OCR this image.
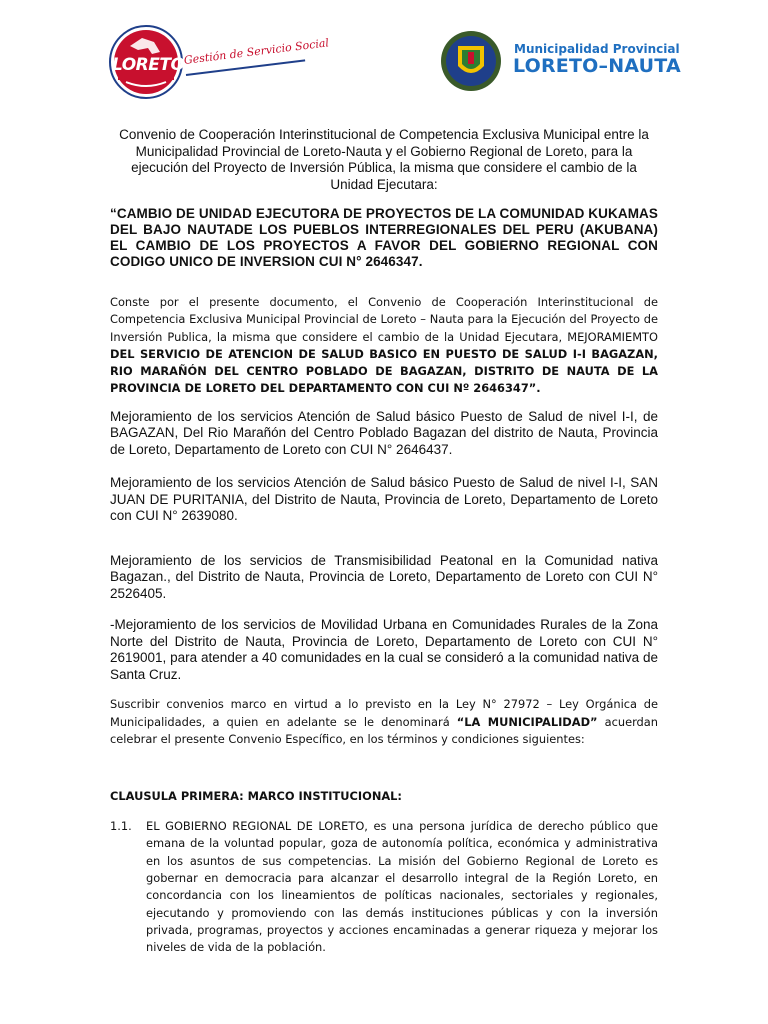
LORETO
Gestión de Servicio Social	Municipalidad Provincial
LORETO–NAUTA

Convenio de Cooperación Interinstitucional de Competencia Exclusiva Municipal entre la Municipalidad Provincial de Loreto-Nauta y el Gobierno Regional de Loreto, para la ejecución del Proyecto de Inversión Pública, la misma que considere el cambio de la Unidad Ejecutara:

“CAMBIO DE UNIDAD EJECUTORA DE PROYECTOS DE LA COMUNIDAD KUKAMAS DEL BAJO NAUTADE LOS PUEBLOS INTERREGIONALES DEL PERU (AKUBANA) EL CAMBIO DE LOS PROYECTOS A FAVOR DEL GOBIERNO REGIONAL CON CODIGO UNICO DE INVERSION CUI N° 2646347.

Conste por el presente documento, el Convenio de Cooperación Interinstitucional de Competencia Exclusiva Municipal Provincial de Loreto – Nauta para la Ejecución del Proyecto de Inversión Publica, la misma que considere el cambio de la Unidad Ejecutara, MEJORAMIEMTO DEL SERVICIO DE ATENCION DE SALUD BASICO EN PUESTO DE SALUD I-I BAGAZAN, RIO MARAÑÓN DEL CENTRO POBLADO DE BAGAZAN, DISTRITO DE NAUTA DE LA PROVINCIA DE LORETO DEL DEPARTAMENTO CON CUI Nº 2646347”.

Mejoramiento de los servicios Atención de Salud básico Puesto de Salud de nivel I-I, de BAGAZAN, Del Rio Marañón del Centro Poblado Bagazan del distrito de Nauta, Provincia de Loreto, Departamento de Loreto con CUI N° 2646437.

Mejoramiento de los servicios Atención de Salud básico Puesto de Salud de nivel I-I, SAN JUAN DE PURITANIA, del Distrito de Nauta, Provincia de Loreto, Departamento de Loreto con CUI N° 2639080.

Mejoramiento de los servicios de Transmisibilidad Peatonal en la Comunidad nativa Bagazan., del Distrito de Nauta, Provincia de Loreto, Departamento de Loreto con CUI N° 2526405.

-Mejoramiento de los servicios de Movilidad Urbana en Comunidades Rurales de la Zona Norte del Distrito de Nauta, Provincia de Loreto, Departamento de Loreto con CUI N° 2619001, para atender a 40 comunidades en la cual se consideró a la comunidad nativa de Santa Cruz.

Suscribir convenios marco en virtud a lo previsto en la Ley N° 27972 – Ley Orgánica de Municipalidades, a quien en adelante se le denominará “LA MUNICIPALIDAD” acuerdan celebrar el presente Convenio Específico, en los términos y condiciones siguientes:

CLAUSULA PRIMERA: MARCO INSTITUCIONAL:

1.1. EL GOBIERNO REGIONAL DE LORETO, es una persona jurídica de derecho público que emana de la voluntad popular, goza de autonomía política, económica y administrativa en los asuntos de sus competencias. La misión del Gobierno Regional de Loreto es gobernar en democracia para alcanzar el desarrollo integral de la Región Loreto, en concordancia con los lineamientos de políticas nacionales, sectoriales y regionales, ejecutando y promoviendo con las demás instituciones públicas y con la inversión privada, programas, proyectos y acciones encaminadas a generar riqueza y mejorar los niveles de vida de la población.
